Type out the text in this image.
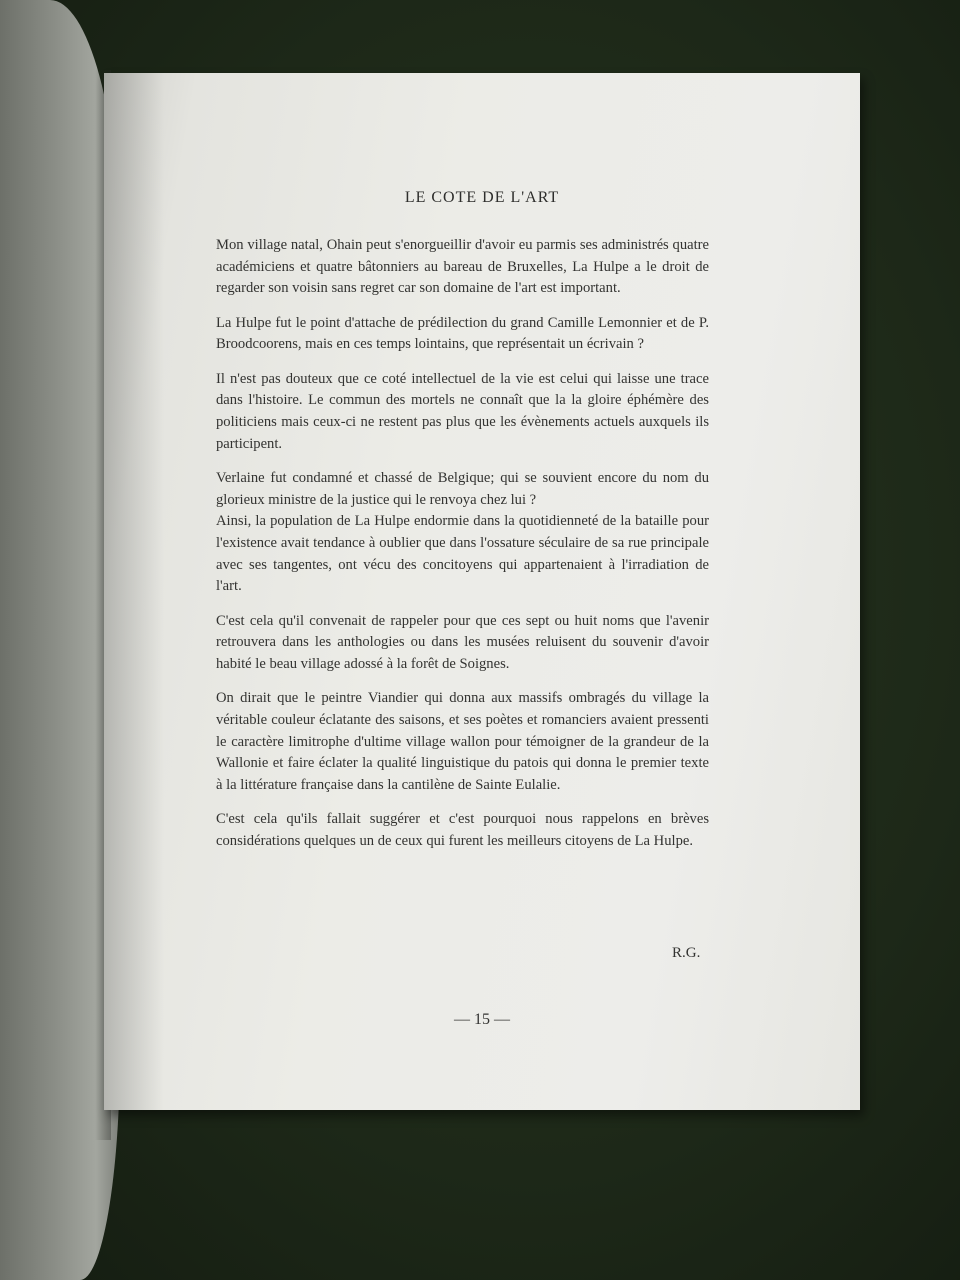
LE COTE DE L'ART

Mon village natal, Ohain peut s'enorgueillir d'avoir eu parmis ses administrés quatre académiciens et quatre bâtonniers au bareau de Bruxelles, La Hulpe a le droit de regarder son voisin sans regret car son domaine de l'art est important.

La Hulpe fut le point d'attache de prédilection du grand Camille Lemonnier et de P. Broodcoorens, mais en ces temps lointains, que représentait un écrivain ?

Il n'est pas douteux que ce coté intellectuel de la vie est celui qui laisse une trace dans l'histoire. Le commun des mortels ne connaît que la la gloire éphémère des politiciens mais ceux-ci ne restent pas plus que les évènements actuels auxquels ils participent.

Verlaine fut condamné et chassé de Belgique; qui se souvient encore du nom du glorieux ministre de la justice qui le renvoya chez lui ?

Ainsi, la population de La Hulpe endormie dans la quotidienneté de la bataille pour l'existence avait tendance à oublier que dans l'ossature séculaire de sa rue principale avec ses tangentes, ont vécu des concitoyens qui appartenaient à l'irradiation de l'art.

C'est cela qu'il convenait de rappeler pour que ces sept ou huit noms que l'avenir retrouvera dans les anthologies ou dans les musées reluisent du souvenir d'avoir habité le beau village adossé à la forêt de Soignes.

On dirait que le peintre Viandier qui donna aux massifs ombragés du village la véritable couleur éclatante des saisons, et ses poètes et romanciers avaient pressenti le caractère limitrophe d'ultime village wallon pour témoigner de la grandeur de la Wallonie et faire éclater la qualité linguistique du patois qui donna le premier texte à la littérature française dans la cantilène de Sainte Eulalie.

C'est cela qu'ils fallait suggérer et c'est pourquoi nous rappelons en brèves considérations quelques un de ceux qui furent les meilleurs citoyens de La Hulpe.

R.G.
— 15 —
